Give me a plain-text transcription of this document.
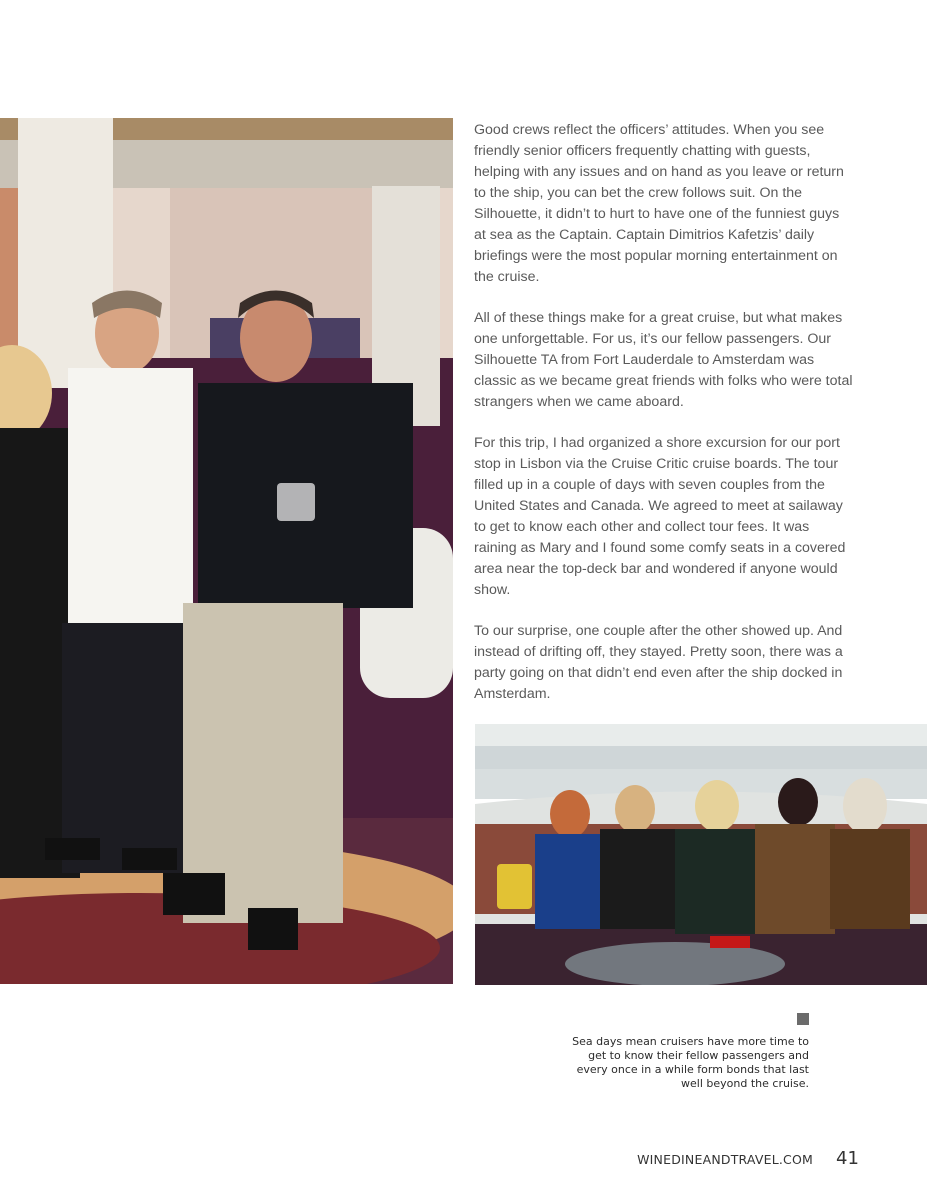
Good crews reflect the officers’ attitudes. When you see friendly senior officers frequently chatting with guests, helping with any issues and on hand as you leave or return to the ship, you can bet the crew follows suit. On the Silhouette, it didn’t to hurt to have one of the funniest guys at sea as the Captain. Captain Dimitrios Kafetzis’ daily briefings were the most popular morning entertainment on the cruise.

All of these things make for a great cruise, but what makes one unforgettable. For us, it’s our fellow passengers. Our Silhouette TA from Fort Lauderdale to Amsterdam was classic as we became great friends with folks who were total strangers when we came aboard.

For this trip, I had organized a shore excursion for our port stop in Lisbon via the Cruise Critic cruise boards. The tour filled up in a couple of days with seven couples from the United States and Canada. We agreed to meet at sailaway to get to know each other and collect tour fees. It was raining as Mary and I found some comfy seats in a covered area near the top-deck bar and wondered if anyone would show.

To our surprise, one couple after the other showed up. And instead of drifting off, they stayed. Pretty soon, there was a party going on that didn’t end even after the ship docked in Amsterdam.

Sea days mean cruisers have more time to get to know their fellow passengers and every once in a while form bonds that last well beyond the cruise.
WINEDINEANDTRAVEL.COM 41
